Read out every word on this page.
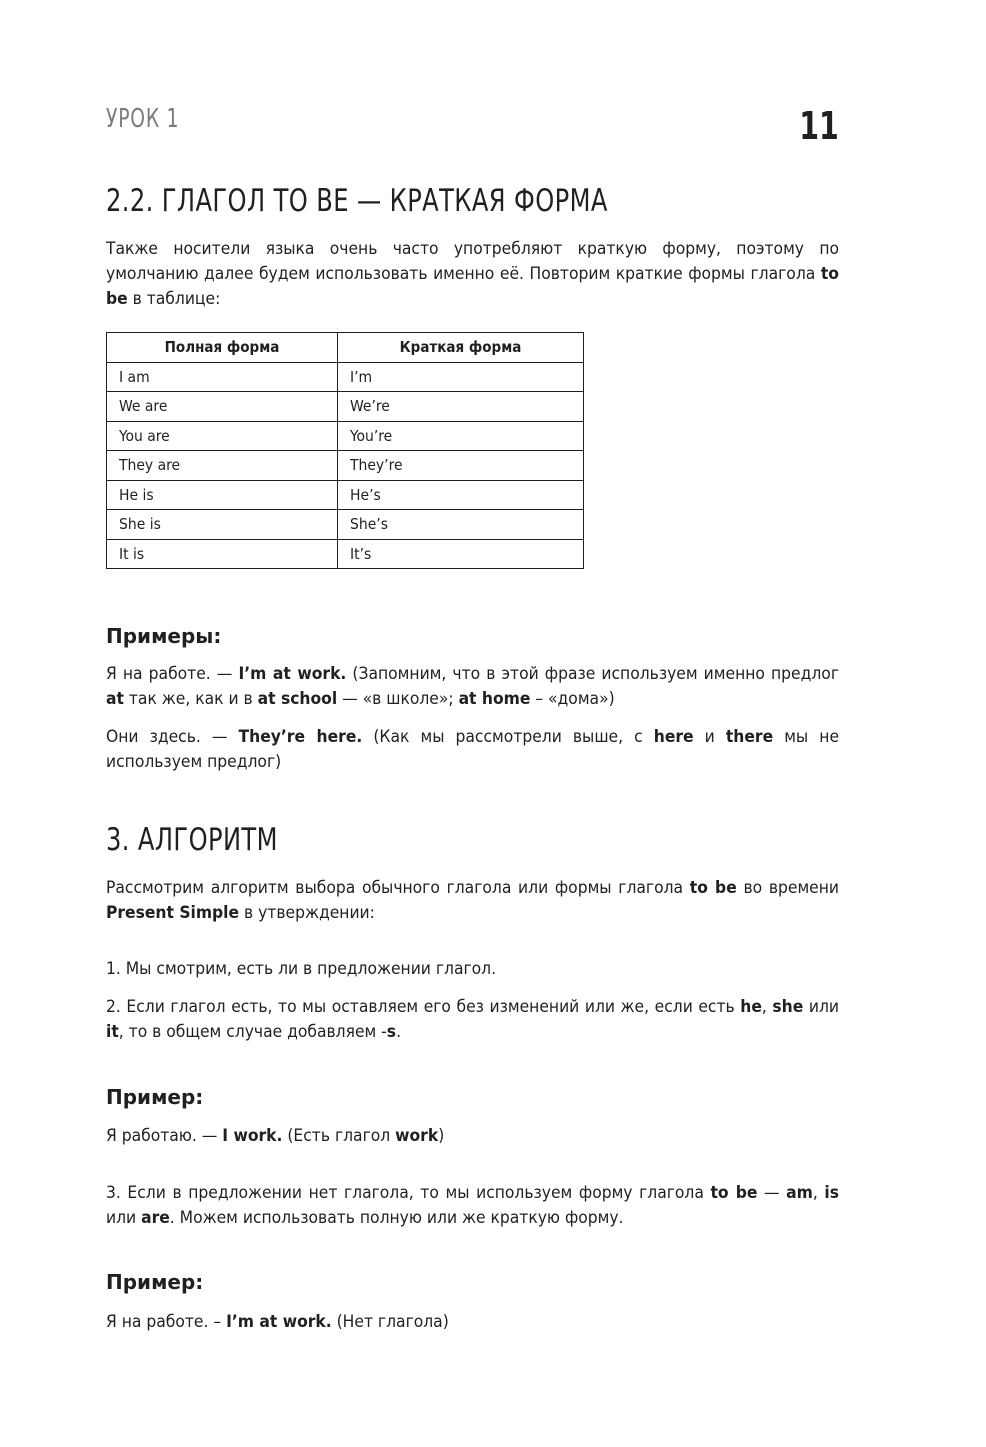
УРОК 1	11
2.2. ГЛАГОЛ TO BE — КРАТКАЯ ФОРМА

Также носители языка очень часто употребляют краткую форму, поэтому по умолчанию далее будем использовать именно её. Повторим краткие формы глагола to be в таблице:

Полная форма	Краткая форма
I am	I’m
We are	We’re
You are	You’re
They are	They’re
He is	He’s
She is	She’s
It is	It’s
Примеры:

Я на работе. — I’m at work. (Запомним, что в этой фразе используем именно предлог at так же, как и в at school — «в школе»; at home – «дома»)

Они здесь. — They’re here. (Как мы рассмотрели выше, с here и there мы не используем предлог)

3. АЛГОРИТМ

Рассмотрим алгоритм выбора обычного глагола или формы глагола to be во времени Present Simple в утверждении:

1. Мы смотрим, есть ли в предложении глагол.

2. Если глагол есть, то мы оставляем его без изменений или же, если есть he, she или it, то в общем случае добавляем -s.

Пример:

Я работаю. — I work. (Есть глагол work)

3. Если в предложении нет глагола, то мы используем форму глагола to be — am, is или are. Можем использовать полную или же краткую форму.

Пример:

Я на работе. – I’m at work. (Нет глагола)
